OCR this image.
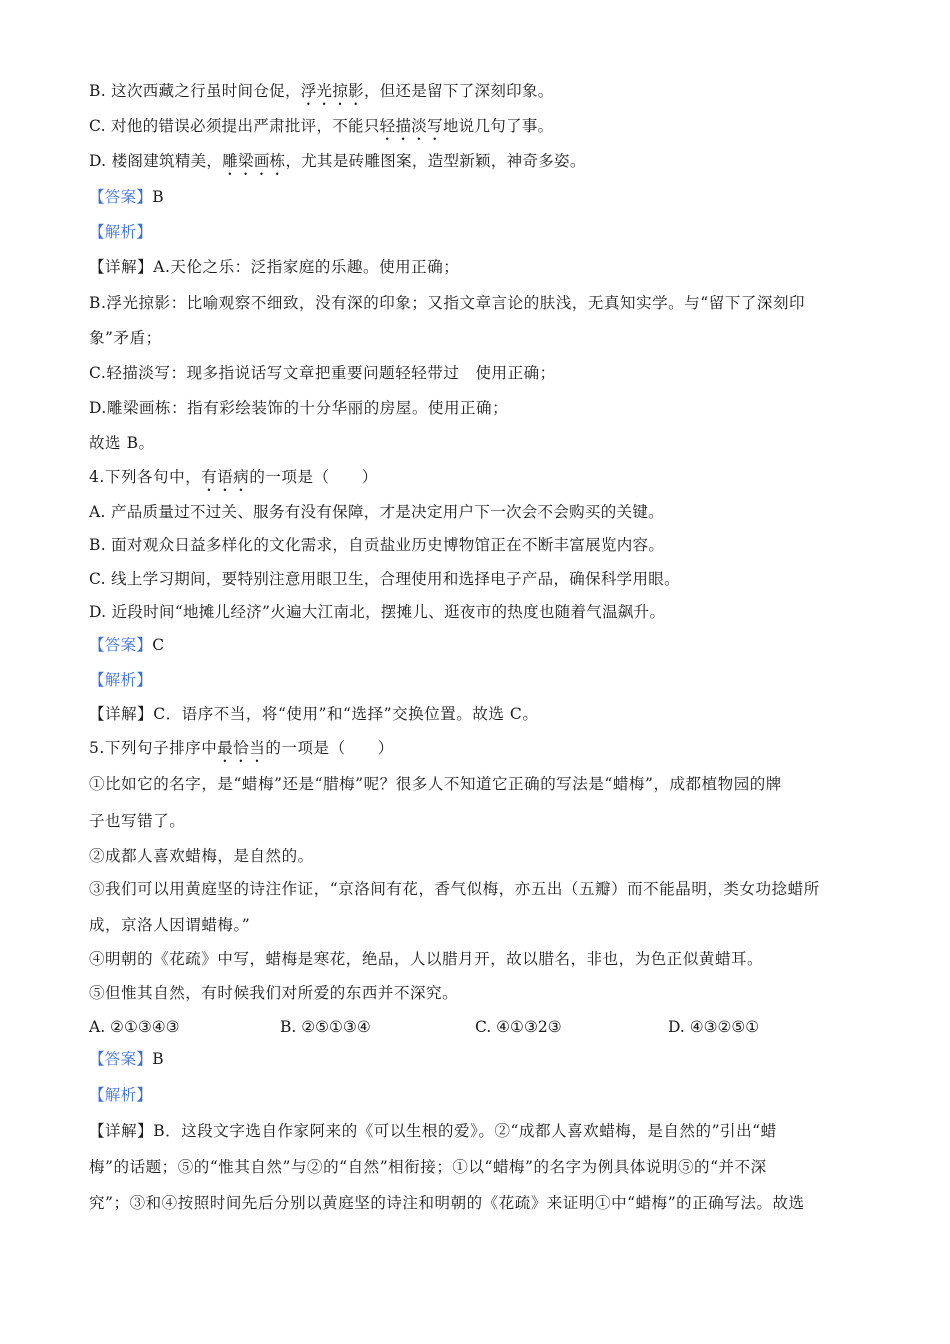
B. 这次西藏之行虽时间仓促，浮光掠影，但还是留下了深刻印象。
C. 对他的错误必须提出严肃批评，不能只轻描淡写地说几句了事。
D. 楼阁建筑精美，雕梁画栋，尤其是砖雕图案，造型新颖，神奇多姿。
【答案】B
【解析】
【详解】A.天伦之乐：泛指家庭的乐趣。使用正确；
B.浮光掠影：比喻观察不细致，没有深的印象；又指文章言论的肤浅，无真知实学。与“留下了深刻印
象”矛盾；
C.轻描淡写：现多指说话写文章把重要问题轻轻带过　使用正确；
D.雕梁画栋：指有彩绘装饰的十分华丽的房屋。使用正确；
故选 B。
4.下列各句中，有语病的一项是（　　）
A. 产品质量过不过关、服务有没有保障，才是决定用户下一次会不会购买的关键。
B. 面对观众日益多样化的文化需求，自贡盐业历史博物馆正在不断丰富展览内容。
C. 线上学习期间，要特别注意用眼卫生，合理使用和选择电子产品，确保科学用眼。
D. 近段时间“地摊儿经济”火遍大江南北，摆摊儿、逛夜市的热度也随着气温飙升。
【答案】C
【解析】
【详解】C．语序不当，将“使用”和“选择”交换位置。故选 C。
5.下列句子排序中最恰当的一项是（　　）
①比如它的名字，是“蜡梅”还是“腊梅”呢？很多人不知道它正确的写法是“蜡梅”，成都植物园的牌
子也写错了。
②成都人喜欢蜡梅，是自然的。
③我们可以用黄庭坚的诗注作证，“京洛间有花，香气似梅，亦五出（五瓣）而不能晶明，类女功捻蜡所
成，京洛人因谓蜡梅。”
④明朝的《花疏》中写，蜡梅是寒花，绝品，人以腊月开，故以腊名，非也，为色正似黄蜡耳。
⑤但惟其自然，有时候我们对所爱的东西并不深究。
A. ②①③④③	B. ②⑤①③④	C. ④①③2③	D. ④③②⑤①
【答案】B
【解析】
【详解】B．这段文字选自作家阿来的《可以生根的爱》。②“成都人喜欢蜡梅，是自然的”引出“蜡
梅”的话题；⑤的“惟其自然”与②的“自然”相衔接；①以“蜡梅”的名字为例具体说明⑤的“并不深
究”；③和④按照时间先后分别以黄庭坚的诗注和明朝的《花疏》来证明①中“蜡梅”的正确写法。故选
